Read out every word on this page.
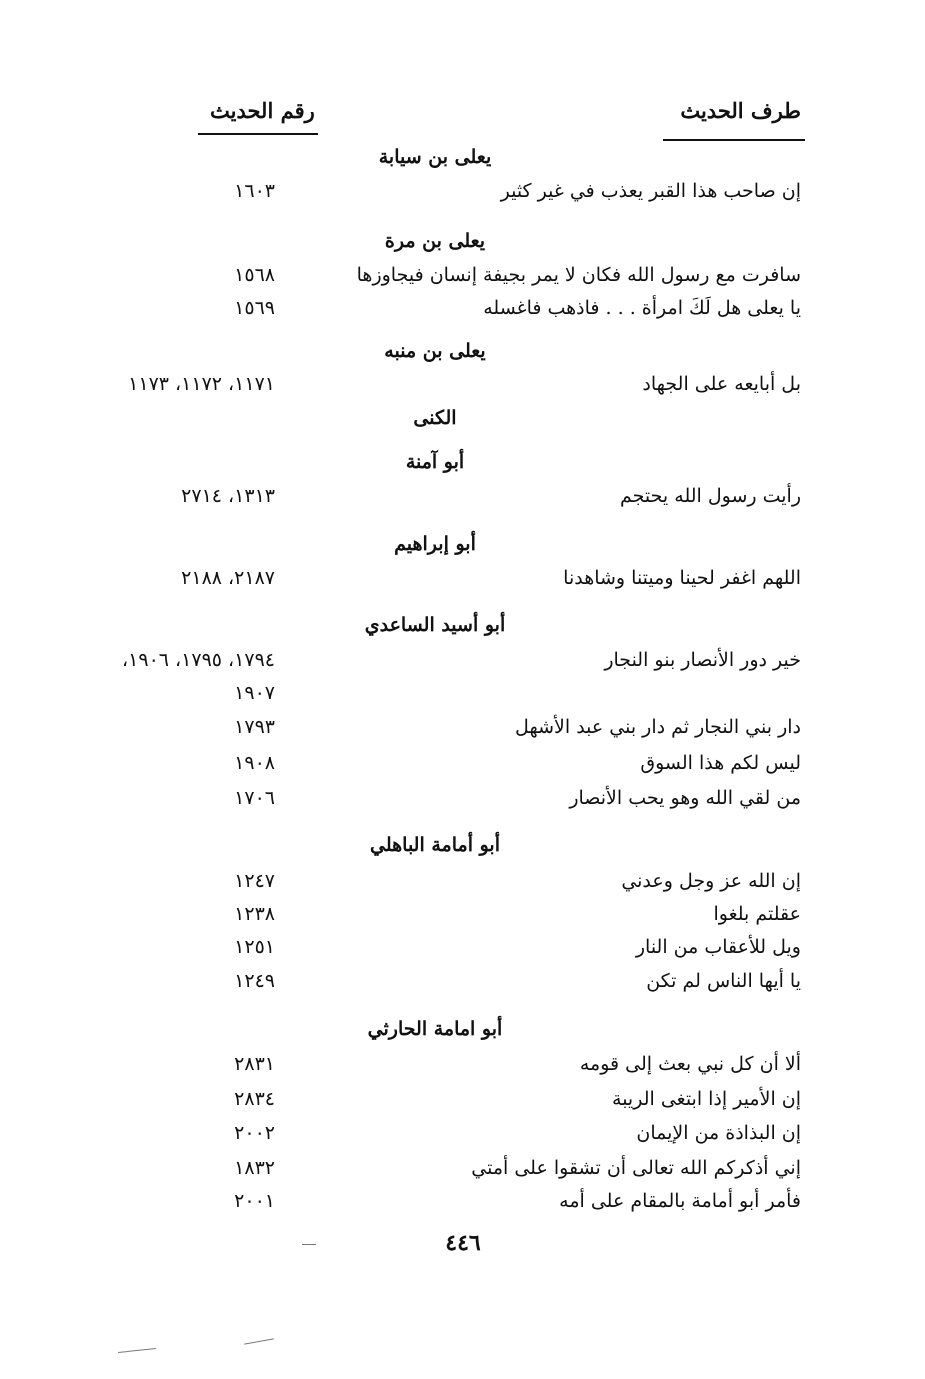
طرف الحديث
رقم الحديث
يعلى بن سيابة
إن صاحب هذا القبر يعذب في غير كثير
١٦٠٣
يعلى بن مرة
سافرت مع رسول الله فكان لا يمر بجيفة إنسان فيجاوزها
١٥٦٨
يا يعلى هل لَكَ امرأة . . . فاذهب فاغسله
١٥٦٩
يعلى بن منبه
بل أبايعه على الجهاد
١١٧١، ١١٧٢، ١١٧٣
الكنى
أبو آمنة
رأيت رسول الله يحتجم
١٣١٣، ٢٧١٤
أبو إبراهيم
اللهم اغفر لحينا وميتنا وشاهدنا
٢١٨٧، ٢١٨٨
أبو أسيد الساعدي
خير دور الأنصار بنو النجار
١٧٩٤، ١٧٩٥، ١٩٠٦،
١٩٠٧
دار بني النجار ثم دار بني عبد الأشهل
١٧٩٣
ليس لكم هذا السوق
١٩٠٨
من لقي الله وهو يحب الأنصار
١٧٠٦
أبو أمامة الباهلي
إن الله عز وجل وعدني
١٢٤٧
عقلتم بلغوا
١٢٣٨
ويل للأعقاب من النار
١٢٥١
يا أيها الناس لم تكن
١٢٤٩
أبو امامة الحارثي
ألا أن كل نبي بعث إلى قومه
٢٨٣١
إن الأمير إذا ابتغى الريبة
٢٨٣٤
إن البذاذة من الإيمان
٢٠٠٢
إني أذكركم الله تعالى أن تشقوا على أمتي
١٨٣٢
فأمر أبو أمامة بالمقام على أمه
٢٠٠١
٤٤٦
